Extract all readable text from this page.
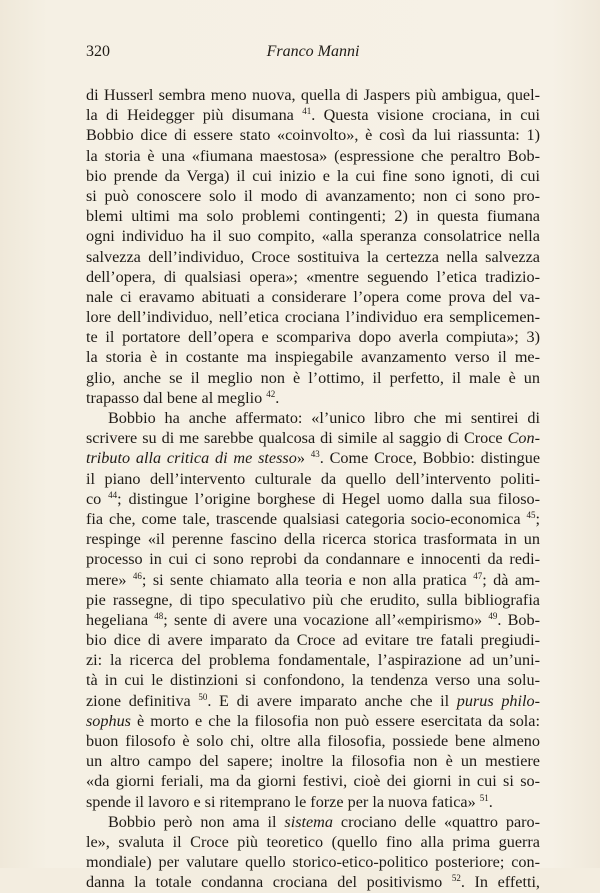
320	Franco Manni
di Husserl sembra meno nuova, quella di Jaspers più ambigua, quel-
la di Heidegger più disumana $^{41}$. Questa visione crociana, in cui
Bobbio dice di essere stato «coinvolto», è così da lui riassunta: 1)
la storia è una «fiumana maestosa» (espressione che peraltro Bob-
bio prende da Verga) il cui inizio e la cui fine sono ignoti, di cui
si può conoscere solo il modo di avanzamento; non ci sono pro-
blemi ultimi ma solo problemi contingenti; 2) in questa fiumana
ogni individuo ha il suo compito, «alla speranza consolatrice nella
salvezza dell’individuo, Croce sostituiva la certezza nella salvezza
dell’opera, di qualsiasi opera»; «mentre seguendo l’etica tradizio-
nale ci eravamo abituati a considerare l’opera come prova del va-
lore dell’individuo, nell’etica crociana l’individuo era semplicemen-
te il portatore dell’opera e scompariva dopo averla compiuta»; 3)
la storia è in costante ma inspiegabile avanzamento verso il me-
glio, anche se il meglio non è l’ottimo, il perfetto, il male è un
trapasso dal bene al meglio $^{42}$.
Bobbio ha anche affermato: «l’unico libro che mi sentirei di
scrivere su di me sarebbe qualcosa di simile al saggio di Croce Con-
tributo alla critica di me stesso» $^{43}$. Come Croce, Bobbio: distingue
il piano dell’intervento culturale da quello dell’intervento politi-
co $^{44}$; distingue l’origine borghese di Hegel uomo dalla sua filoso-
fia che, come tale, trascende qualsiasi categoria socio-economica $^{45}$;
respinge «il perenne fascino della ricerca storica trasformata in un
processo in cui ci sono reprobi da condannare e innocenti da redi-
mere» $^{46}$; si sente chiamato alla teoria e non alla pratica $^{47}$; dà am-
pie rassegne, di tipo speculativo più che erudito, sulla bibliografia
hegeliana $^{48}$; sente di avere una vocazione all’«empirismo» $^{49}$. Bob-
bio dice di avere imparato da Croce ad evitare tre fatali pregiudi-
zi: la ricerca del problema fondamentale, l’aspirazione ad un’uni-
tà in cui le distinzioni si confondono, la tendenza verso una solu-
zione definitiva $^{50}$. E di avere imparato anche che il purus philo-
sophus è morto e che la filosofia non può essere esercitata da sola:
buon filosofo è solo chi, oltre alla filosofia, possiede bene almeno
un altro campo del sapere; inoltre la filosofia non è un mestiere
«da giorni feriali, ma da giorni festivi, cioè dei giorni in cui si so-
spende il lavoro e si ritemprano le forze per la nuova fatica» $^{51}$.
Bobbio però non ama il sistema crociano delle «quattro paro-
le», svaluta il Croce più teoretico (quello fino alla prima guerra
mondiale) per valutare quello storico-etico-politico posteriore; con-
danna la totale condanna crociana del positivismo $^{52}$. In effetti,
